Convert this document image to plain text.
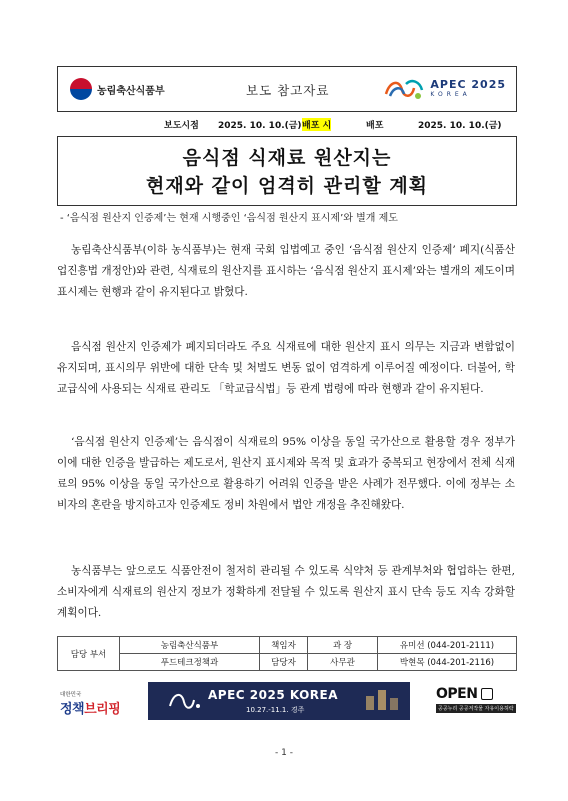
농림축산식품부	보도 참고자료	APEC 2025
KOREA
보도시점 2025. 10. 10.(금) 배포 시	배포	2025. 10. 10.(금)
음식점 식재료 원산지는
현재와 같이 엄격히 관리할 계획
- ‘음식점 원산지 인증제’는 현재 시행중인 ‘음식점 원산지 표시제’와 별개 제도
농림축산식품부(이하 농식품부)는 현재 국회 입법예고 중인 ‘음식점 원산지 인증제’ 폐지(식품산업진흥법 개정안)와 관련, 식재료의 원산지를 표시하는 ‘음식점 원산지 표시제’와는 별개의 제도이며 표시제는 현행과 같이 유지된다고 밝혔다.
음식점 원산지 인증제가 폐지되더라도 주요 식재료에 대한 원산지 표시 의무는 지금과 변함없이 유지되며, 표시의무 위반에 대한 단속 및 처벌도 변동 없이 엄격하게 이루어질 예정이다. 더불어, 학교급식에 사용되는 식재료 관리도 「학교급식법」등 관계 법령에 따라 현행과 같이 유지된다.
‘음식점 원산지 인증제’는 음식점이 식재료의 95% 이상을 동일 국가산으로 활용할 경우 정부가 이에 대한 인증을 발급하는 제도로서, 원산지 표시제와 목적 및 효과가 중복되고 현장에서 전체 식재료의 95% 이상을 동일 국가산으로 활용하기 어려워 인증을 받은 사례가 전무했다. 이에 정부는 소비자의 혼란을 방지하고자 인증제도 정비 차원에서 법안 개정을 추진해왔다.
농식품부는 앞으로도 식품안전이 철저히 관리될 수 있도록 식약처 등 관계부처와 협업하는 한편, 소비자에게 식재료의 원산지 정보가 정확하게 전달될 수 있도록 원산지 표시 단속 등도 지속 강화할 계획이다.
담당 부서	농림축산식품부	책임자	과 장	유미선 (044-201-2111)
	푸드테크정책과	담당자	사무관	박현목 (044-201-2116)
대한민국
정책브리핑
APEC 2025 KOREA
10.27.-11.1. 경주
OPEN
공공누리 공공저작물 자유이용허락
- 1 -
